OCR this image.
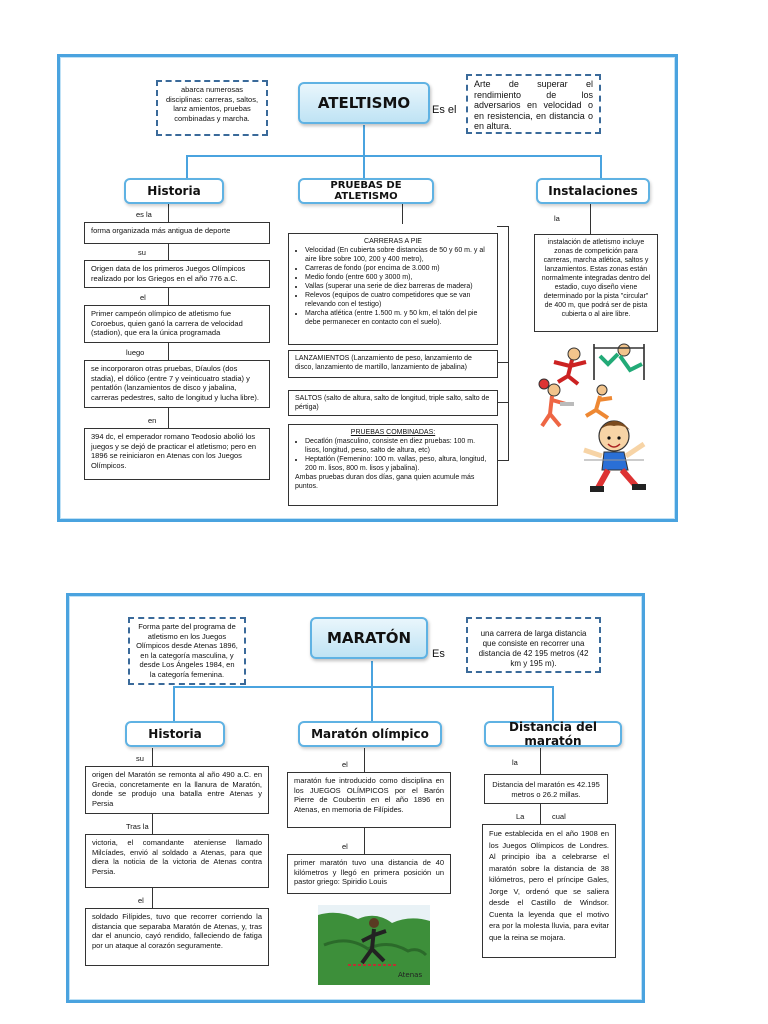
abarca numerosas disciplinas: carreras, saltos, lanz amientos, pruebas combinadas y marcha.
ATELTISMO	Es el
Arte de superar el rendimiento de los adversarios en velocidad o en resistencia, en distancia o en altura.
Historia	PRUEBAS DE ATLETISMO	Instalaciones
es la
forma organizada más antigua de deporte
su
Origen data de los primeros Juegos Olímpicos realizado por los Griegos en el año 776 a.C.
el
Primer campeón olímpico de atletismo fue Coroebus, quien ganó la carrera de velocidad (stadion), que era la única programada
luego
se incorporaron otras pruebas, Díaulos (dos stadia), el dólico (entre 7 y veinticuatro stadia) y pentatlón (lanzamientos de disco y jabalina, carreras pedestres, salto de longitud y lucha libre).
en
394 dc, el emperador romano Teodosio abolió los juegos y se dejó de practicar el atletismo; pero en 1896 se reiniciaron en Atenas con los Juegos Olímpicos.
CARRERAS A PIE
• Velocidad (En cubierta sobre distancias de 50 y 60 m. y al aire libre sobre 100, 200 y 400 metro),
• Carreras de fondo (por encima de 3.000 m)
• Medio fondo (entre 600 y 3000 m),
• Vallas (superar una serie de diez barreras de madera)
• Relevos (equipos de cuatro competidores que se van relevando con el testigo)
• Marcha atlética (entre 1.500 m. y 50 km, el talón del pie debe permanecer en contacto con el suelo).
LANZAMIENTOS (Lanzamiento de peso, lanzamiento de disco, lanzamiento de martillo, lanzamiento de jabalina)
SALTOS (salto de altura, salto de longitud, triple salto, salto de pértiga)
PRUEBAS COMBINADAS:
• Decatlón (masculino, consiste en diez pruebas: 100 m. lisos, longitud, peso, salto de altura, etc)
• Heptatlón (Femenino: 100 m. vallas, peso, altura, longitud, 200 m. lisos, 800 m. lisos y jabalina).
Ambas pruebas duran dos días, gana quien acumule más puntos.
la
instalación de atletismo incluye zonas de competición para carreras, marcha atlética, saltos y lanzamientos. Estas zonas están normalmente integradas dentro del estadio, cuyo diseño viene determinado por la pista "circular" de 400 m, que podrá ser de pista cubierta o al aire libre.
Forma parte del programa de atletismo en los Juegos Olímpicos desde Atenas 1896, en la categoría masculina, y desde Los Ángeles 1984, en la categoría femenina.
MARATÓN
Es
una carrera de larga distancia que consiste en recorrer una distancia de 42 195 metros (42 km y 195 m).
Historia	Maratón olímpico	Distancia del maratón
su
origen del Maratón se remonta al año 490 a.C. en Grecia, concretamente en la llanura de Maratón, donde se produjo una batalla entre Atenas y Persia
Tras la
victoria, el comandante ateniense llamado Milcíades, envió al soldado a Atenas, para que diera la noticia de la victoria de Atenas contra Persia.
el
soldado Filípides, tuvo que recorrer corriendo la distancia que separaba Maratón de Atenas, y, tras dar el anuncio, cayó rendido, falleciendo de fatiga por un ataque al corazón seguramente.
el
maratón fue introducido como disciplina en los JUEGOS OLÍMPICOS por el Barón Pierre de Coubertin en el año 1896 en Atenas, en memoria de Filípides.
el
primer maratón tuvo una distancia de 40 kilómetros y llegó en primera posición un pastor griego: Spiridio Louis
la
Distancia del maratón es 42.195 metros o 26.2 millas.
La	cual
Fue establecida en el año 1908 en los Juegos Olímpicos de Londres. Al principio iba a celebrarse el maratón sobre la distancia de 38 kilómetros, pero el príncipe Gales, Jorge V, ordenó que se saliera desde el Castillo de Windsor. Cuenta la leyenda que el motivo era por la molesta lluvia, para evitar que la reina se mojara.
Atenas
